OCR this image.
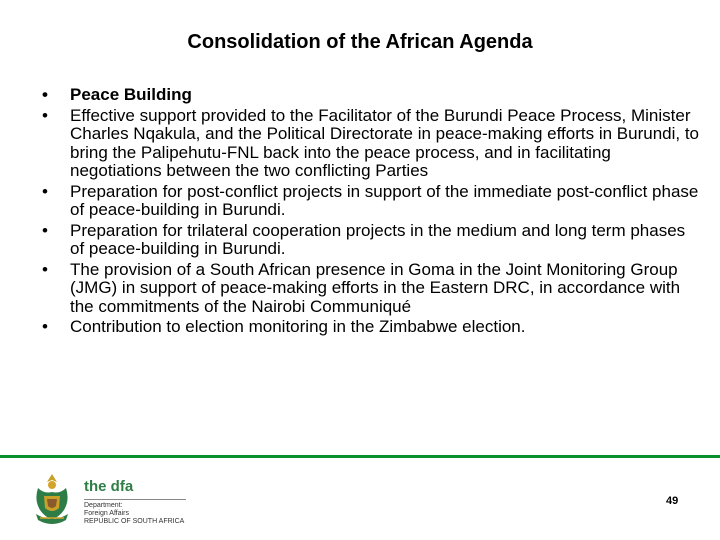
Consolidation of the African Agenda
•	Peace Building
•	Effective support provided to the Facilitator of the Burundi Peace Process, Minister Charles Nqakula, and the Political Directorate in peace-making efforts in Burundi, to bring the Palipehutu-FNL back into the peace process, and in facilitating negotiations between the two conflicting Parties
•	Preparation for post-conflict projects in support of the immediate post-conflict phase of peace-building in Burundi.
•	Preparation for trilateral cooperation projects in the medium and long term phases of peace-building in Burundi.
•	The provision of a South African presence in Goma in the Joint Monitoring Group (JMG) in support of peace-making efforts in the Eastern DRC, in accordance with the commitments of the Nairobi Communiqué
•	Contribution to election monitoring in the Zimbabwe election.
the dfa
Department:
Foreign Affairs
REPUBLIC OF SOUTH AFRICA
49
